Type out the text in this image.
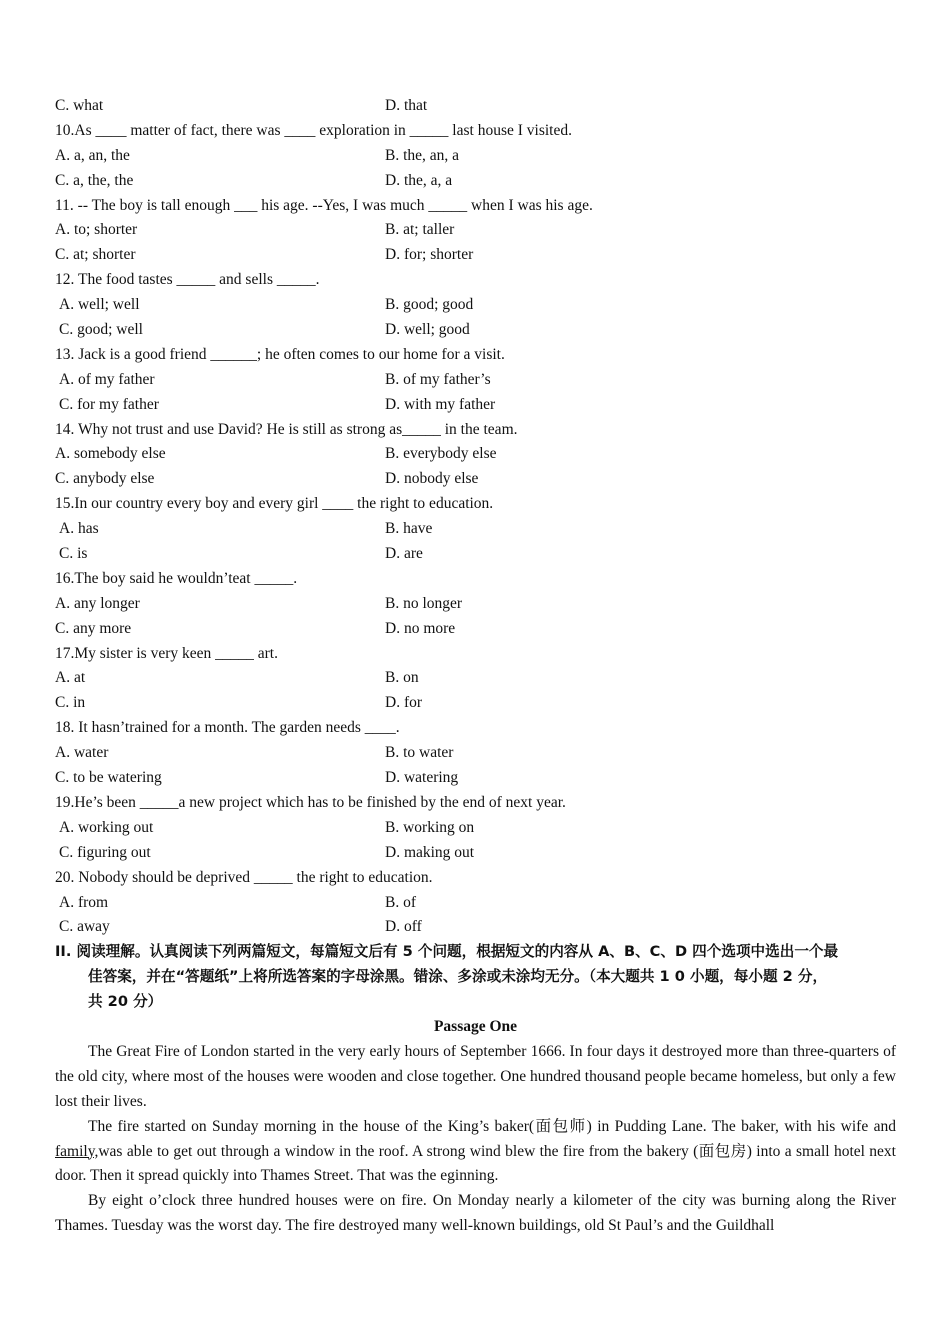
C. what	D. that
10.As ____ matter of fact, there was ____ exploration in _____ last house I visited.
A. a, an, the	B. the, an, a
C. a, the, the	D. the, a, a
11. -- The boy is tall enough ___ his age. --Yes, I was much _____ when I was his age.
A. to; shorter	B. at; taller
C. at; shorter	D. for; shorter
12. The food tastes _____ and sells _____.
A. well; well	B. good; good
C. good; well	D. well; good
13. Jack is a good friend ______; he often comes to our home for a visit.
A. of my father	B. of my father’s
C. for my father	D. with my father
14. Why not trust and use David? He is still as strong as_____ in the team.
A. somebody else	B. everybody else
C. anybody else	D. nobody else
15.In our country every boy and every girl ____ the right to education.
A. has	B. have
C. is	D. are
16.The boy said he wouldn’teat _____.
A. any longer	B. no longer
C. any more	D. no more
17.My sister is very keen _____ art.
A. at	B. on
C. in	D. for
18. It hasn’trained for a month. The garden needs ____.
A. water	B. to water
C. to be watering	D. watering
19.He’s been _____a new project which has to be finished by the end of next year.
A. working out	B. working on
C. figuring out	D. making out
20. Nobody should be deprived _____ the right to education.
A. from	B. of
C. away	D. off
II. 阅读理解。认真阅读下列两篇短文，每篇短文后有 5 个问题，根据短文的内容从 A、B、C、D 四个选项中选出一个最
佳答案，并在“答题纸”上将所选答案的字母涂黑。错涂、多涂或未涂均无分。（本大题共 1 0 小题，每小题 2 分，
共 20 分）
Passage One
The Great Fire of London started in the very early hours of September 1666. In four days it destroyed more than three-quarters of the old city, where most of the houses were wooden and close together. One hundred thousand people became homeless, but only a few lost their lives.
The fire started on Sunday morning in the house of the King’s baker(面包师) in Pudding Lane. The baker, with his wife and family,was able to get out through a window in the roof. A strong wind blew the fire from the bakery (面包房) into a small hotel next door. Then it spread quickly into Thames Street. That was the eginning.
By eight o’clock three hundred houses were on fire. On Monday nearly a kilometer of the city was burning along the River Thames. Tuesday was the worst day. The fire destroyed many well-known buildings, old St Paul’s and the Guildhall
